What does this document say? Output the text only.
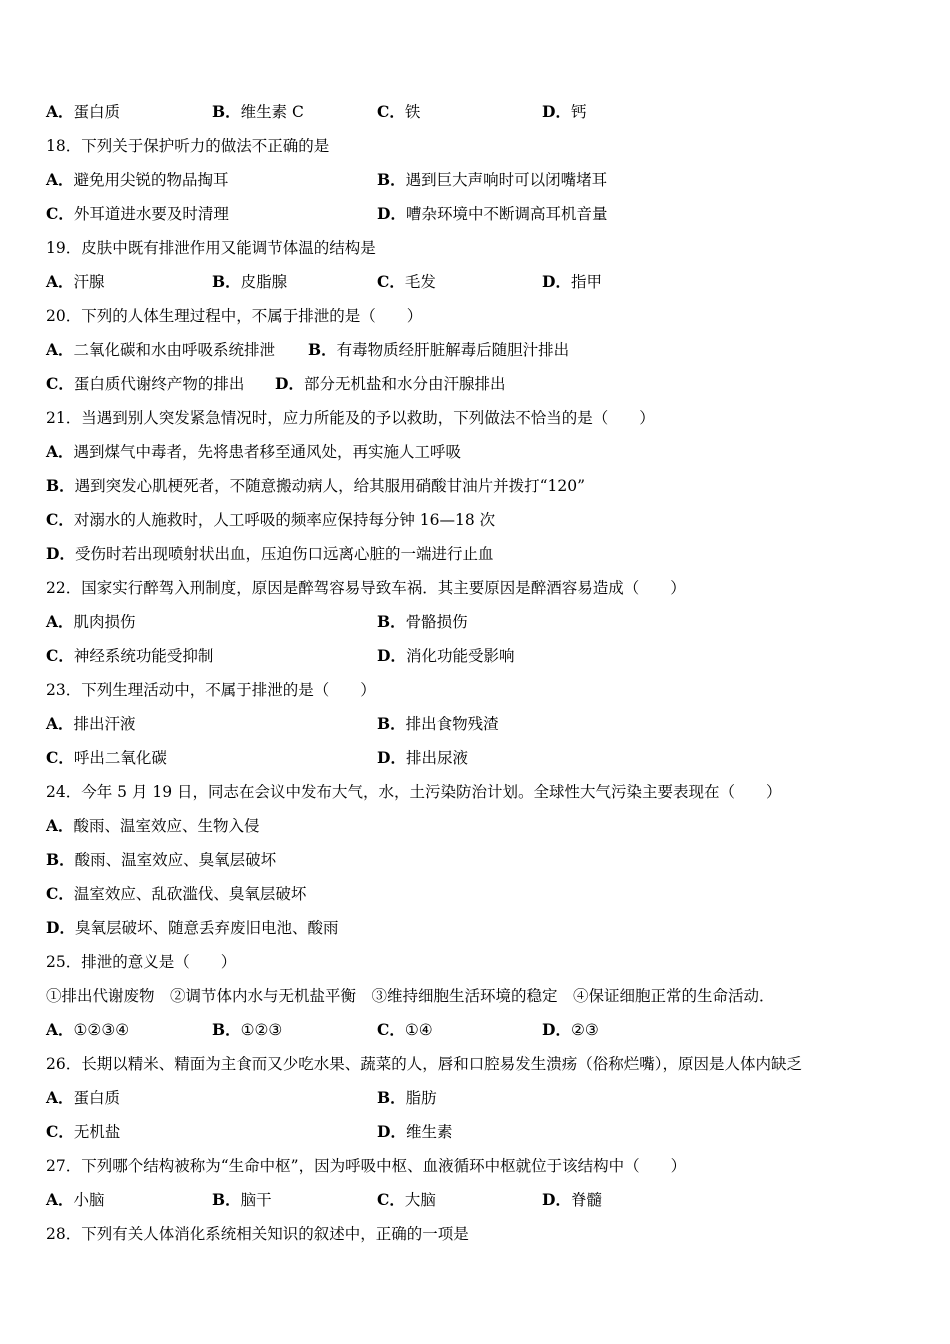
A．蛋白质	B．维生素 C	C．铁	D．钙
18．下列关于保护听力的做法不正确的是
A．避免用尖锐的物品掏耳	B．遇到巨大声响时可以闭嘴堵耳
C．外耳道进水要及时清理	D．嘈杂环境中不断调高耳机音量
19．皮肤中既有排泄作用又能调节体温的结构是
A．汗腺	B．皮脂腺	C．毛发	D．指甲
20．下列的人体生理过程中，不属于排泄的是（　　）
A．二氧化碳和水由呼吸系统排泄 B．有毒物质经肝脏解毒后随胆汁排出
C．蛋白质代谢终产物的排出 D．部分无机盐和水分由汗腺排出
21．当遇到别人突发紧急情况时，应力所能及的予以救助，下列做法不恰当的是（　　）
A．遇到煤气中毒者，先将患者移至通风处，再实施人工呼吸
B．遇到突发心肌梗死者，不随意搬动病人，给其服用硝酸甘油片并拨打“120”
C．对溺水的人施救时，人工呼吸的频率应保持每分钟 16—18 次
D．受伤时若出现喷射状出血，压迫伤口远离心脏的一端进行止血
22．国家实行醉驾入刑制度，原因是醉驾容易导致车祸．其主要原因是醉酒容易造成（　　）
A．肌肉损伤	B．骨骼损伤
C．神经系统功能受抑制	D．消化功能受影响
23．下列生理活动中，不属于排泄的是（　　）
A．排出汗液	B．排出食物残渣
C．呼出二氧化碳	D．排出尿液
24．今年 5 月 19 日，同志在会议中发布大气，水，土污染防治计划。全球性大气污染主要表现在（　　）
A．酸雨、温室效应、生物入侵
B．酸雨、温室效应、臭氧层破坏
C．温室效应、乱砍滥伐、臭氧层破坏
D．臭氧层破坏、随意丢弃废旧电池、酸雨
25．排泄的意义是（　　）
①排出代谢废物　②调节体内水与无机盐平衡　③维持细胞生活环境的稳定　④保证细胞正常的生命活动．
A．①②③④	B．①②③	C．①④	D．②③
26．长期以精米、精面为主食而又少吃水果、蔬菜的人，唇和口腔易发生溃疡（俗称烂嘴），原因是人体内缺乏
A．蛋白质	B．脂肪
C．无机盐	D．维生素
27．下列哪个结构被称为“生命中枢”，因为呼吸中枢、血液循环中枢就位于该结构中（　　）
A．小脑	B．脑干	C．大脑	D．脊髓
28．下列有关人体消化系统相关知识的叙述中，正确的一项是
